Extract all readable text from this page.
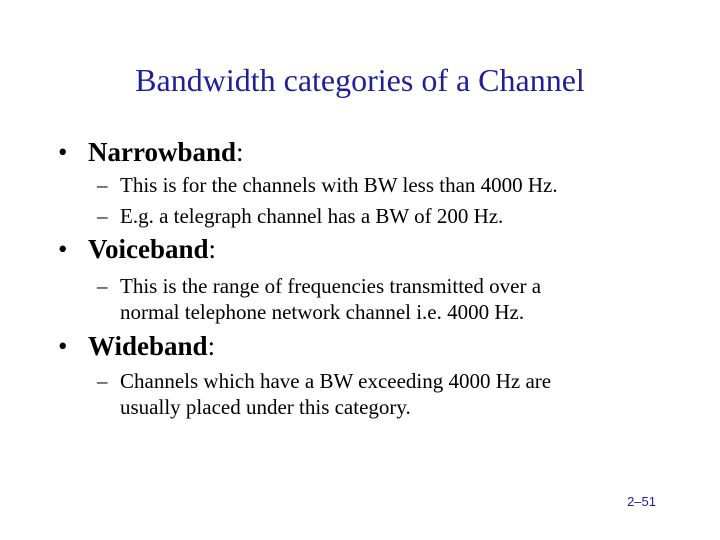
Bandwidth categories of a Channel
• Narrowband:
– This is for the channels with BW less than 4000 Hz.
– E.g. a telegraph channel has a BW of 200 Hz.
• Voiceband:
– This is the range of frequencies transmitted over a
normal telephone network channel i.e. 4000 Hz.
• Wideband:
– Channels which have a BW exceeding 4000 Hz are
usually placed under this category.
2–51
